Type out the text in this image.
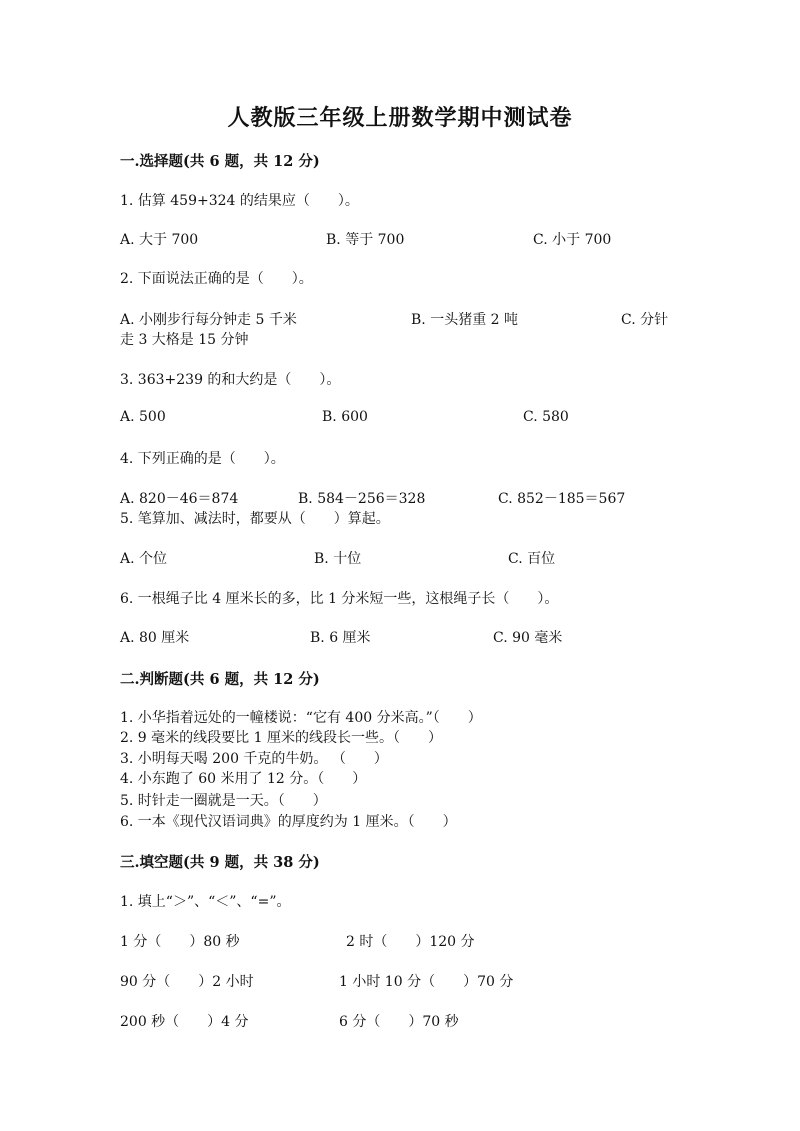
人教版三年级上册数学期中测试卷
一.选择题(共 6 题，共 12 分)
1. 估算 459+324 的结果应（　　）。
A. 大于 700	B. 等于 700	C. 小于 700
2. 下面说法正确的是（　　）。
A. 小刚步行每分钟走 5 千米	B. 一头猪重 2 吨	C. 分针
走 3 大格是 15 分钟
3. 363+239 的和大约是（　　）。
A. 500	B. 600	C. 580
4. 下列正确的是（　　）。
A. 820－46＝874	B. 584－256＝328	C. 852－185＝567
5. 笔算加、减法时，都要从（　　）算起。
A. 个位	B. 十位	C. 百位
6. 一根绳子比 4 厘米长的多，比 1 分米短一些，这根绳子长（　　）。
A. 80 厘米	B. 6 厘米	C. 90 毫米
二.判断题(共 6 题，共 12 分)
1. 小华指着远处的一幢楼说：“它有 400 分米高。”（　　）
2. 9 毫米的线段要比 1 厘米的线段长一些。（　　）
3. 小明每天喝 200 千克的牛奶。 （　　）
4. 小东跑了 60 米用了 12 分。（　　）
5. 时针走一圈就是一天。（　　）
6. 一本《现代汉语词典》的厚度约为 1 厘米。（　　）
三.填空题(共 9 题，共 38 分)
1. 填上“＞”、“＜”、“=”。
1 分（　　）80 秒	2 时（　　）120 分
90 分（　　）2 小时	1 小时 10 分（　　）70 分
200 秒（　　）4 分	6 分（　　）70 秒
